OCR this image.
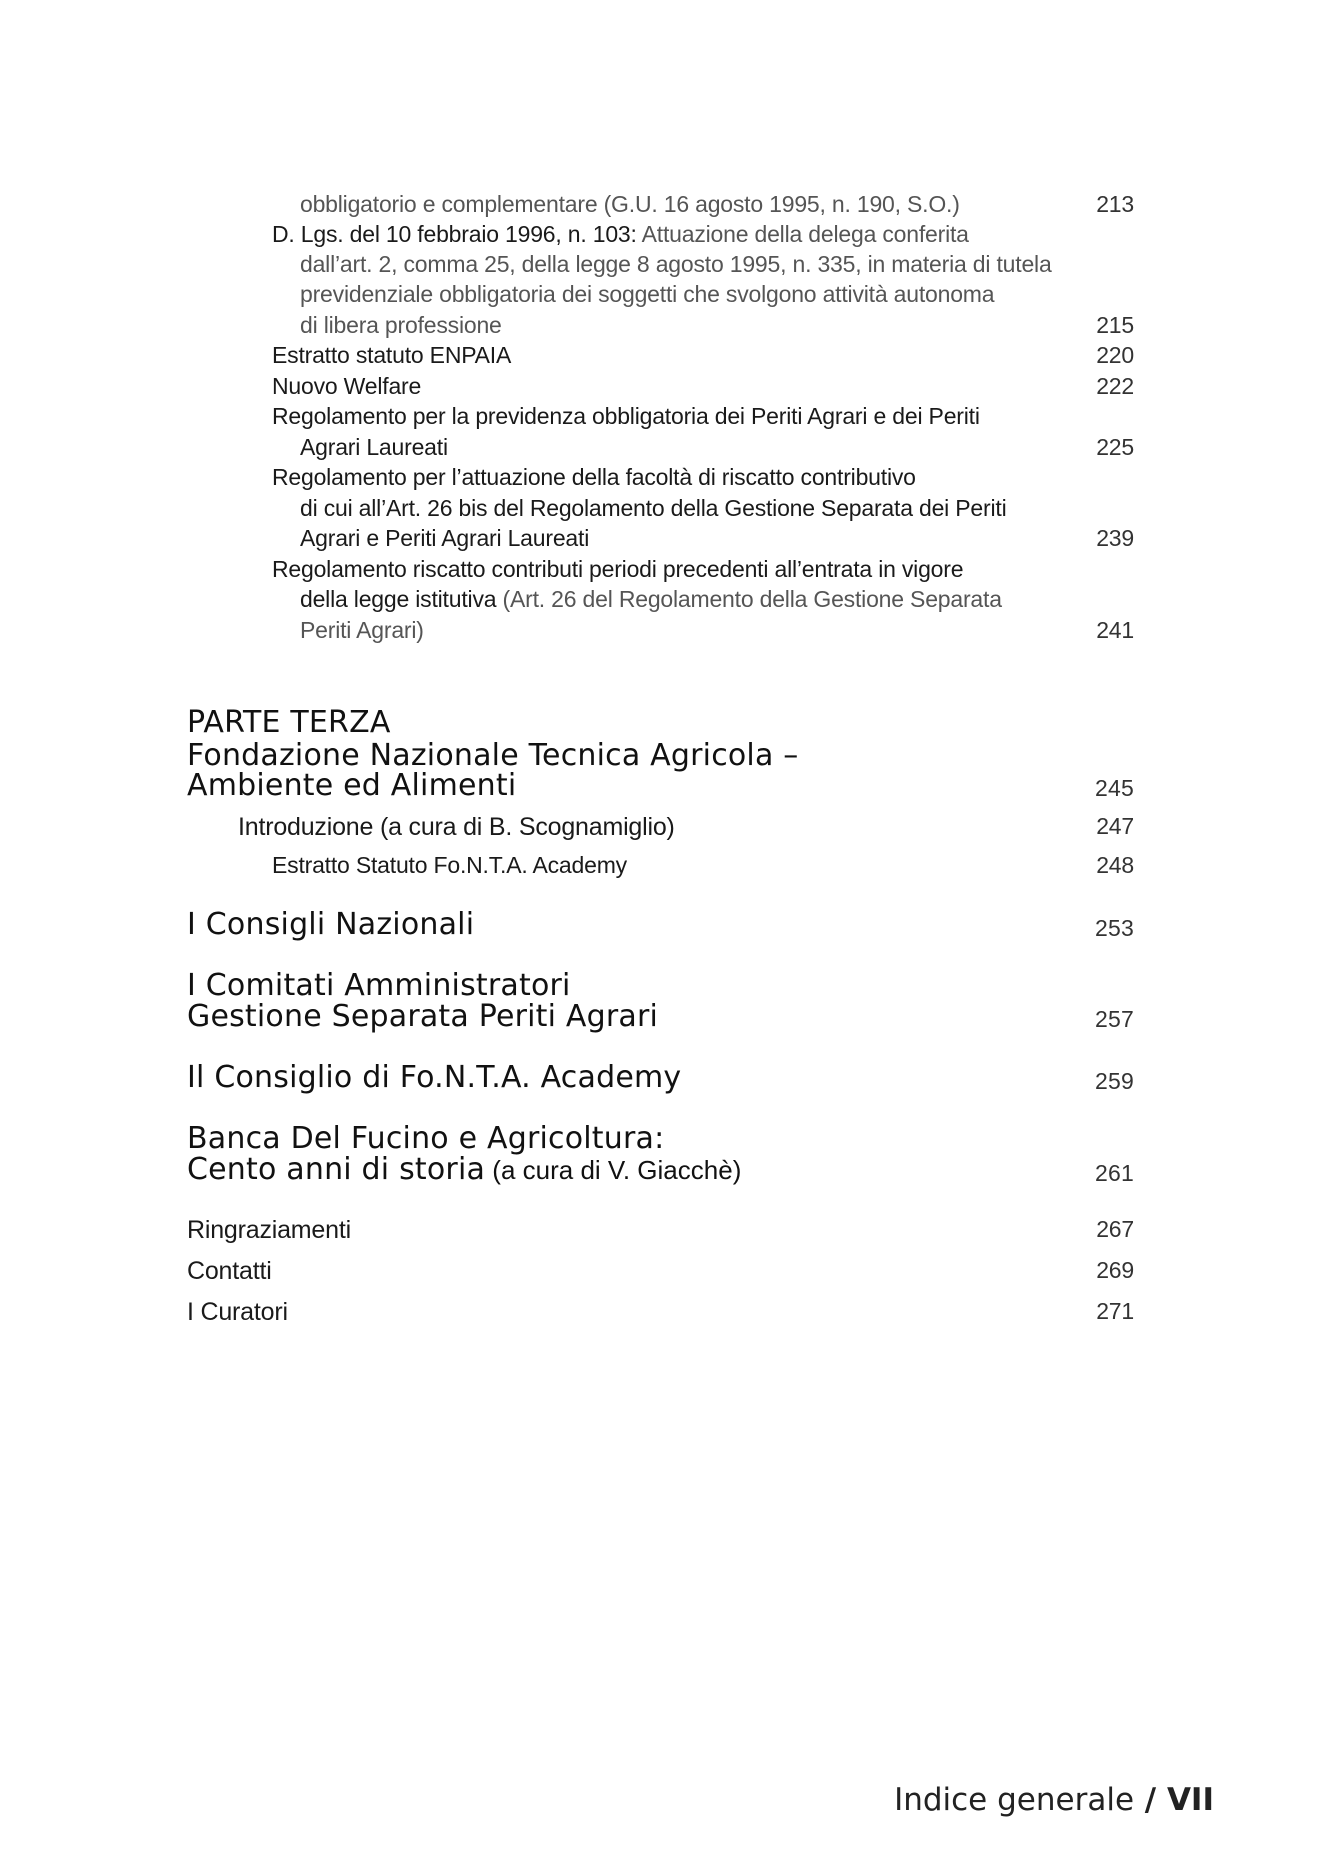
obbligatorio e complementare (G.U. 16 agosto 1995, n. 190, S.O.)	213
D. Lgs. del 10 febbraio 1996, n. 103: Attuazione della delega conferita
dall’art. 2, comma 25, della legge 8 agosto 1995, n. 335, in materia di tutela
previdenziale obbligatoria dei soggetti che svolgono attività autonoma
di libera professione	215
Estratto statuto ENPAIA	220
Nuovo Welfare	222
Regolamento per la previdenza obbligatoria dei Periti Agrari e dei Periti
Agrari Laureati	225
Regolamento per l’attuazione della facoltà di riscatto contributivo
di cui all’Art. 26 bis del Regolamento della Gestione Separata dei Periti
Agrari e Periti Agrari Laureati	239
Regolamento riscatto contributi periodi precedenti all’entrata in vigore
della legge istitutiva (Art. 26 del Regolamento della Gestione Separata
Periti Agrari)	241
PARTE TERZA
Fondazione Nazionale Tecnica Agricola –
Ambiente ed Alimenti	245
Introduzione (a cura di B. Scognamiglio)	247
Estratto Statuto Fo.N.T.A. Academy	248
I Consigli Nazionali	253
I Comitati Amministratori
Gestione Separata Periti Agrari	257
Il Consiglio di Fo.N.T.A. Academy	259
Banca Del Fucino e Agricoltura:
Cento anni di storia (a cura di V. Giacchè)	261
Ringraziamenti	267
Contatti	269
I Curatori	271
Indice generale / VII
